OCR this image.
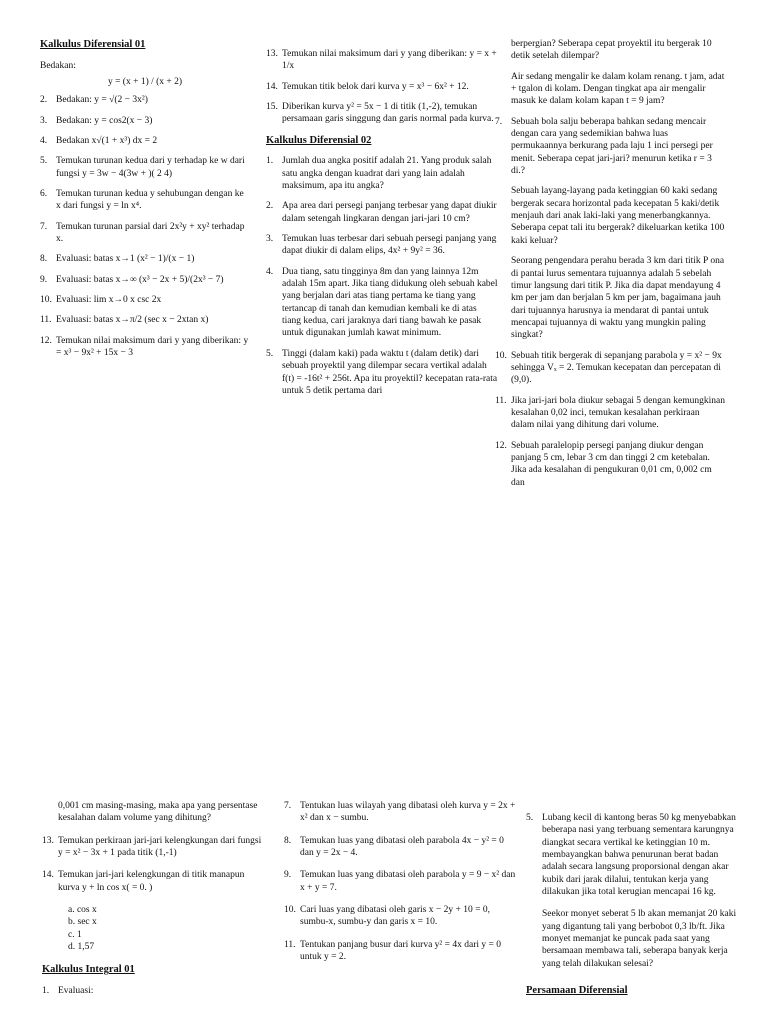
Kalkulus Diferensial 01

Bedakan:

y = (x + 1) / (x + 2)

2. Bedakan: y = √(2 − 3x²)

3. Bedakan: y = cos2(x − 3)

4. Bedakan x√(1 + x³) dx = 2

5. Temukan turunan kedua dari y terhadap ke w dari fungsi y = 3w − 4(3w + )( 2 4)

6. Temukan turunan kedua y sehubungan dengan ke x dari fungsi y = ln x⁴.

7. Temukan turunan parsial dari 2x²y + xy² terhadap x.

8. Evaluasi: batas x→1 (x² − 1)/(x − 1)

9. Evaluasi: batas x→∞ (x³ − 2x + 5)/(2x³ − 7)

10. Evaluasi: lim x→0 x csc 2x

11. Evaluasi: batas x→π/2 (sec x − 2xtan x)

12. Temukan nilai maksimum dari y yang diberikan: y = x³ − 9x² + 15x − 3

13. Temukan nilai maksimum dari y yang diberikan: y = x + 1/x

14. Temukan titik belok dari kurva y = x³ − 6x² + 12.

15. Diberikan kurva y² = 5x − 1 di titik (1,-2), temukan persamaan garis singgung dan garis normal pada kurva.

Kalkulus Diferensial 02

1. Jumlah dua angka positif adalah 21. Yang produk salah satu angka dengan kuadrat dari yang lain adalah maksimum, apa itu angka?

2. Apa area dari persegi panjang terbesar yang dapat diukir dalam setengah lingkaran dengan jari-jari 10 cm?

3. Temukan luas terbesar dari sebuah persegi panjang yang dapat diukir di dalam elips, 4x² + 9y² = 36.

4. Dua tiang, satu tingginya 8m dan yang lainnya 12m adalah 15m apart. Jika tiang didukung oleh sebuah kabel yang berjalan dari atas tiang pertama ke tiang yang tertancap di tanah dan kemudian kembali ke di atas tiang kedua, cari jaraknya dari tiang bawah ke pasak untuk digunakan jumlah kawat minimum.

5. Tinggi (dalam kaki) pada waktu t (dalam detik) dari sebuah proyektil yang dilempar secara vertikal adalah f(t) = -16t² + 256t. Apa itu proyektil? kecepatan rata-rata untuk 5 detik pertama dari

berpergian? Seberapa cepat proyektil itu bergerak 10 detik setelah dilempar?

Air sedang mengalir ke dalam kolam renang. t jam, adat + tgalon di kolam. Dengan tingkat apa air mengalir masuk ke dalam kolam kapan t = 9 jam?

7. Sebuah bola salju beberapa bahkan sedang mencair dengan cara yang sedemikian bahwa luas permukaannya berkurang pada laju 1 inci persegi per menit. Seberapa cepat jari-jari? menurun ketika r = 3 di.?

Sebuah layang-layang pada ketinggian 60 kaki sedang bergerak secara horizontal pada kecepatan 5 kaki/detik menjauh dari anak laki-laki yang menerbangkannya. Seberapa cepat tali itu bergerak? dikeluarkan ketika 100 kaki keluar?

Seorang pengendara perahu berada 3 km dari titik P ona di pantai lurus sementara tujuannya adalah 5 sebelah timur langsung dari titik P. Jika dia dapat mendayung 4 km per jam dan berjalan 5 km per jam, bagaimana jauh dari tujuannya harusnya ia mendarat di pantai untuk mencapai tujuannya di waktu yang mungkin paling singkat?

10. Sebuah titik bergerak di sepanjang parabola y = x² − 9x sehingga Vₓ = 2. Temukan kecepatan dan percepatan di (9,0).

11. Jika jari-jari bola diukur sebagai 5 dengan kemungkinan kesalahan 0,02 inci, temukan kesalahan perkiraan dalam nilai yang dihitung dari volume.

12. Sebuah paralelopip persegi panjang diukur dengan panjang 5 cm, lebar 3 cm dan tinggi 2 cm ketebalan. Jika ada kesalahan di pengukuran 0,01 cm, 0,002 cm dan

0,001 cm masing-masing, maka apa yang persentase kesalahan dalam volume yang dihitung?

13. Temukan perkiraan jari-jari kelengkungan dari fungsi y = x² − 3x + 1 pada titik (1,-1)

14. Temukan jari-jari kelengkungan di titik manapun kurva y + ln cos x( = 0. )

a. cos x
b. sec x
c. 1
d. 1,57

Kalkulus Integral 01

1. Evaluasi:

7. Tentukan luas wilayah yang dibatasi oleh kurva y = 2x + x² dan x − sumbu.

8. Temukan luas yang dibatasi oleh parabola 4x − y² = 0 dan y = 2x − 4.

9. Temukan luas yang dibatasi oleh parabola y = 9 − x² dan x + y = 7.

10. Cari luas yang dibatasi oleh garis x − 2y + 10 = 0, sumbu-x, sumbu-y dan garis x = 10.

11. Tentukan panjang busur dari kurva y² = 4x dari y = 0 untuk y = 2.

5. Lubang kecil di kantong beras 50 kg menyebabkan beberapa nasi yang terbuang sementara karungnya diangkat secara vertikal ke ketinggian 10 m. membayangkan bahwa penurunan berat badan adalah secara langsung proporsional dengan akar kubik dari jarak dilalui, tentukan kerja yang dilakukan jika total kerugian mencapai 16 kg.

Seekor monyet seberat 5 lb akan memanjat 20 kaki yang digantung tali yang berbobot 0,3 lb/ft. Jika monyet memanjat ke puncak pada saat yang bersamaan membawa tali, seberapa banyak kerja yang telah dilakukan selesai?

Persamaan Diferensial
